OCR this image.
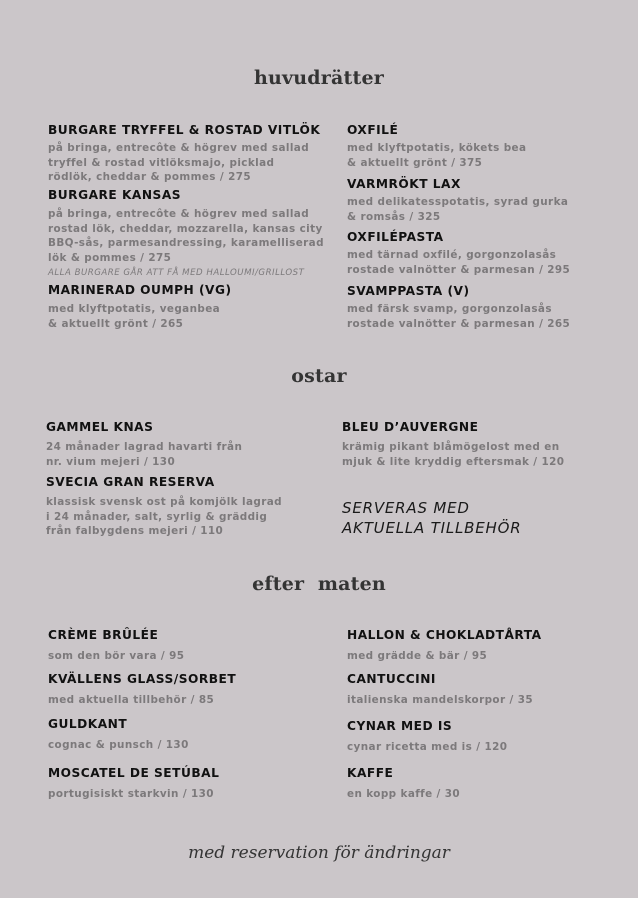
huvudrätter

BURGARE TRYFFEL & ROSTAD VITLÖK

på bringa, entrecôte & högrev med sallad

tryffel & rostad vitlöksmajo, picklad

rödlök, cheddar & pommes / 275

BURGARE KANSAS

på bringa, entrecôte & högrev med sallad

rostad lök, cheddar, mozzarella, kansas city

BBQ-sås, parmesandressing, karamelliserad

lök & pommes / 275

ALLA BURGARE GÅR ATT FÅ MED HALLOUMI/GRILLOST

MARINERAD OUMPH (VG)

med klyftpotatis, veganbea

& aktuellt grönt / 265

OXFILÉ

med klyftpotatis, kökets bea

& aktuellt grönt / 375

VARMRÖKT LAX

med delikatesspotatis, syrad gurka

& romsås / 325

OXFILÉPASTA

med tärnad oxfilé, gorgonzolasås

rostade valnötter & parmesan / 295

SVAMPPASTA (V)

med färsk svamp, gorgonzolasås

rostade valnötter & parmesan / 265

ostar

GAMMEL KNAS

24 månader lagrad havarti från

nr. vium mejeri / 130

SVECIA GRAN RESERVA

klassisk svensk ost på komjölk lagrad

i 24 månader, salt, syrlig & gräddig

från falbygdens mejeri / 110

BLEU D’AUVERGNE

krämig pikant blåmögelost med en

mjuk & lite kryddig eftersmak / 120

SERVERAS MED

AKTUELLA TILLBEHÖR

efter  maten

CRÈME BRÛLÉE

som den bör vara / 95

KVÄLLENS GLASS/SORBET

med aktuella tillbehör / 85

GULDKANT

cognac & punsch / 130

MOSCATEL DE SETÚBAL

portugisiskt starkvin / 130

HALLON & CHOKLADTÅRTA

med grädde & bär / 95

CANTUCCINI

italienska mandelskorpor / 35

CYNAR MED IS

cynar ricetta med is / 120

KAFFE

en kopp kaffe / 30

med reservation för ändringar
